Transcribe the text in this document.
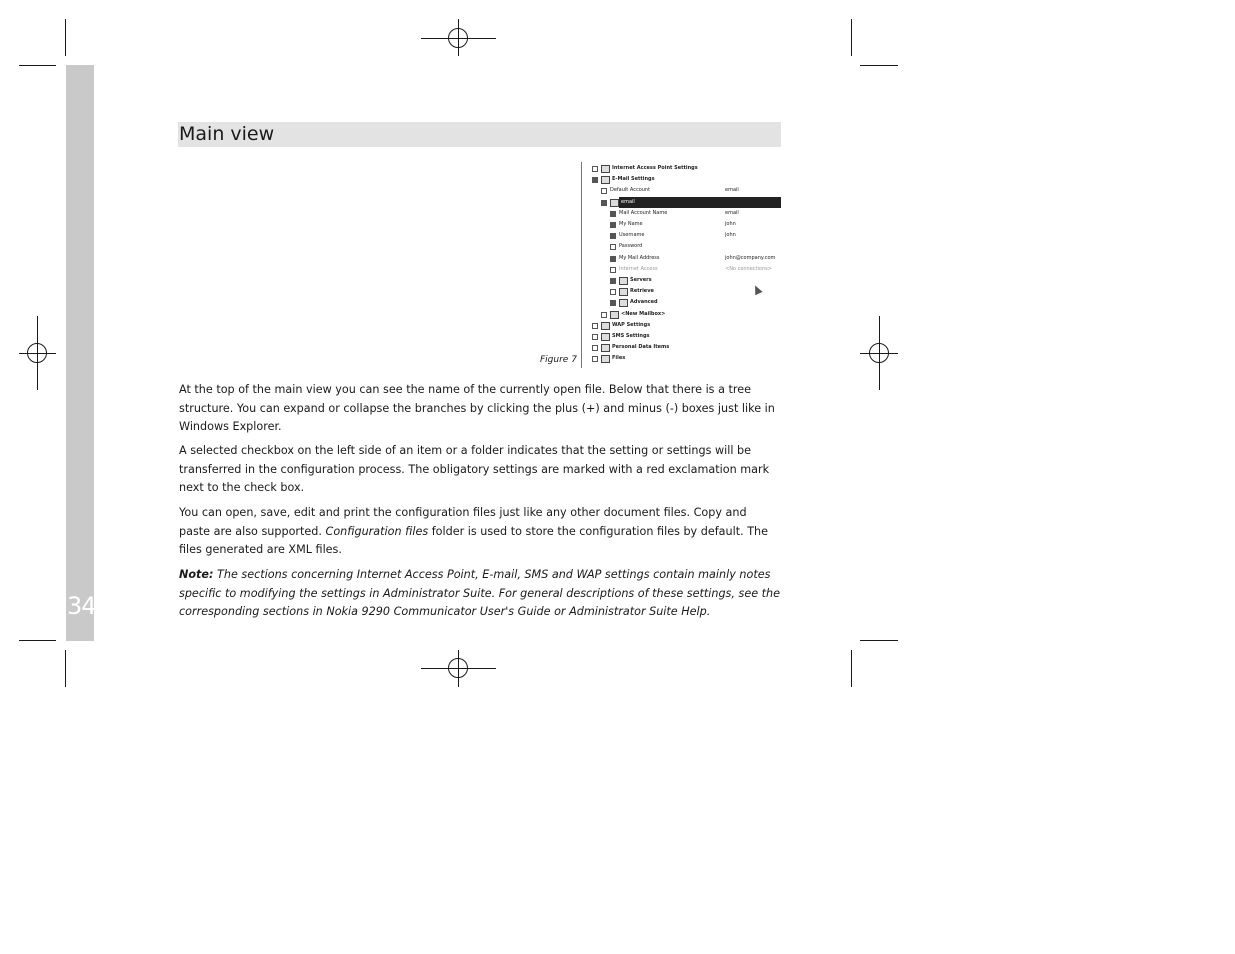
34
Main view
Internet Access Point Settings
E-Mail Settings
Default Account	email
email
Mail Account Name	email
My Name	john
Username	john
Password
My Mail Address	john@company.com
Internet Access	<No connections>
Servers
Retrieve
Advanced
<New Mailbox>
WAP Settings
SMS Settings
Personal Data Items
Files
Figure 7
At the top of the main view you can see the name of the currently open file. Below that there is a tree structure. You can expand or collapse the branches by clicking the plus (+) and minus (-) boxes just like in Windows Explorer.
A selected checkbox on the left side of an item or a folder indicates that the setting or settings will be transferred in the configuration process. The obligatory settings are marked with a red exclamation mark next to the check box.
You can open, save, edit and print the configuration files just like any other document files. Copy and paste are also supported. Configuration files folder is used to store the configuration files by default. The files generated are XML files.
Note: The sections concerning Internet Access Point, E-mail, SMS and WAP settings contain mainly notes specific to modifying the settings in Administrator Suite. For general descriptions of these settings, see the corresponding sections in Nokia 9290 Communicator User's Guide or Administrator Suite Help.
